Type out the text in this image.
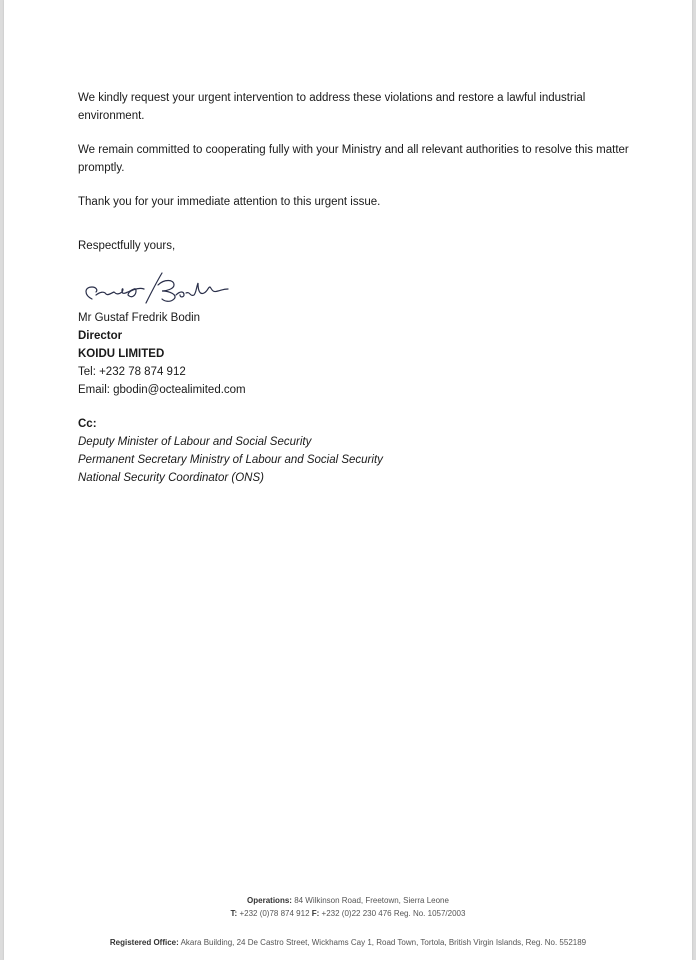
We kindly request your urgent intervention to address these violations and restore a lawful industrial environment.

We remain committed to cooperating fully with your Ministry and all relevant authorities to resolve this matter promptly.

Thank you for your immediate attention to this urgent issue.

Respectfully yours,
Mr Gustaf Fredrik Bodin
Director
KOIDU LIMITED
Tel: +232 78 874 912
Email: gbodin@octealimited.com
Cc:
Deputy Minister of Labour and Social Security
Permanent Secretary Ministry of Labour and Social Security
National Security Coordinator (ONS)
Operations: 84 Wilkinson Road, Freetown, Sierra Leone
T: +232 (0)78 874 912 F: +232 (0)22 230 476 Reg. No. 1057/2003
Registered Office: Akara Building, 24 De Castro Street, Wickhams Cay 1, Road Town, Tortola, British Virgin Islands, Reg. No. 552189
